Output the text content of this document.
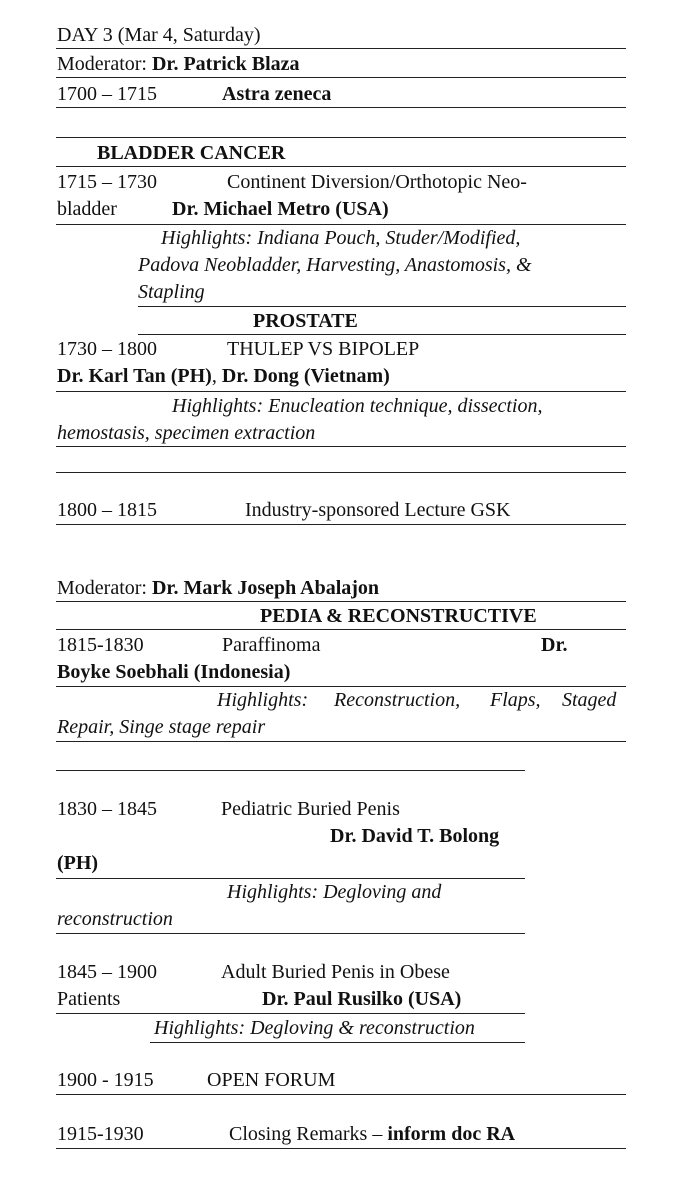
DAY 3 (Mar 4, Saturday)
Moderator: Dr. Patrick Blaza
1700 – 1715	Astra zeneca
BLADDER CANCER
1715 – 1730	Continent Diversion/Orthotopic Neo-
bladder	Dr. Michael Metro (USA)
Highlights: Indiana Pouch, Studer/Modified,
Padova Neobladder, Harvesting, Anastomosis, &
Stapling
PROSTATE
1730 – 1800	THULEP VS BIPOLEP
Dr. Karl Tan (PH), Dr. Dong (Vietnam)
Highlights: Enucleation technique, dissection,
hemostasis, specimen extraction
1800 – 1815	Industry-sponsored Lecture GSK
Moderator: Dr. Mark Joseph Abalajon
PEDIA & RECONSTRUCTIVE
1815-1830	Paraffinoma	Dr.
Boyke Soebhali (Indonesia)
Highlights: Reconstruction, Flaps, Staged
Repair, Singe stage repair
1830 – 1845	Pediatric Buried Penis
Dr. David T. Bolong
(PH)
Highlights: Degloving and
reconstruction
1845 – 1900	Adult Buried Penis in Obese
Patients	Dr. Paul Rusilko (USA)
Highlights: Degloving & reconstruction
1900 - 1915	OPEN FORUM
1915-1930	Closing Remarks – inform doc RA
